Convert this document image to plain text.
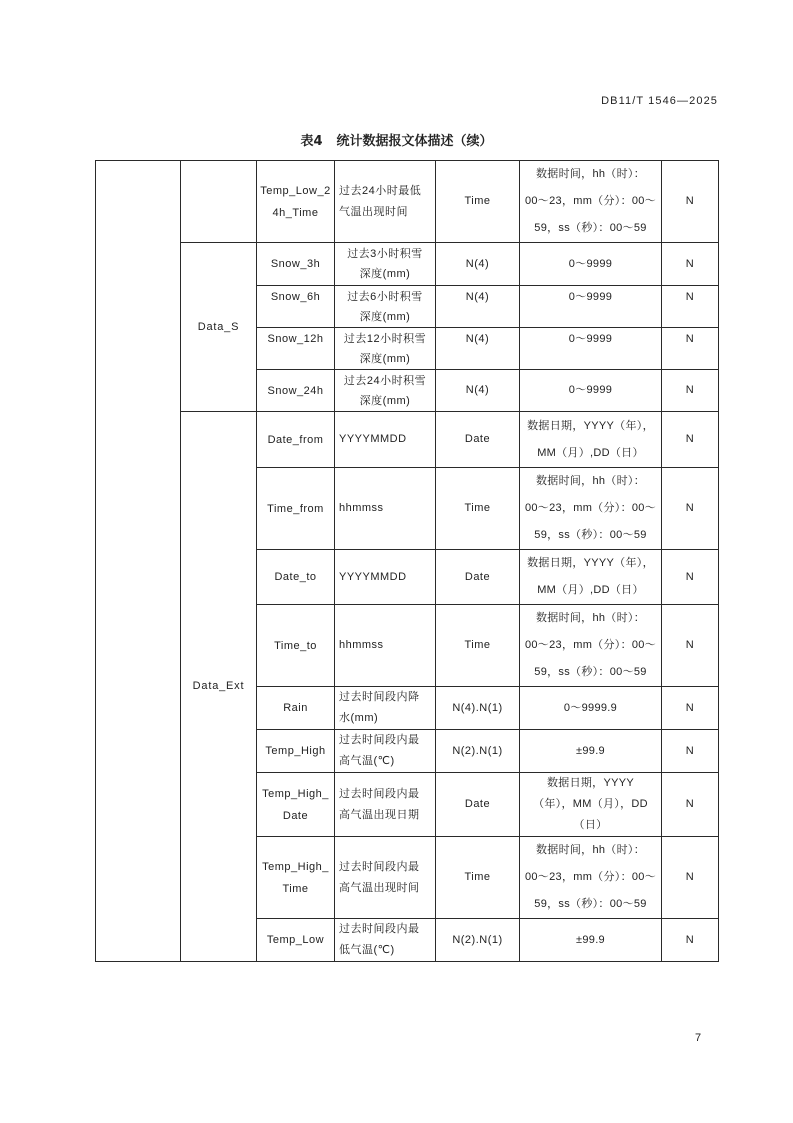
DB11/T 1546—2025
表4 统计数据报文体描述（续）
		Temp_Low_2
4h_Time	过去24小时最低
气温出现时间	Time	数据时间，hh（时）：
00～23，mm（分）：00～
59，ss（秒）：00～59	N
	Data_S	Snow_3h	过去3小时积雪
深度(mm)	N(4)	0～9999	N
		Snow_6h	过去6小时积雪
深度(mm)	N(4)	0～9999	N
		Snow_12h	过去12小时积雪
深度(mm)	N(4)	0～9999	N
		Snow_24h	过去24小时积雪
深度(mm)	N(4)	0～9999	N
	Data_Ext	Date_from	YYYYMMDD	Date	数据日期，YYYY（年），
MM（月）,DD（日）	N
		Time_from	hhmmss	Time	数据时间，hh（时）：
00～23，mm（分）：00～
59，ss（秒）：00～59	N
		Date_to	YYYYMMDD	Date	数据日期，YYYY（年），
MM（月）,DD（日）	N
		Time_to	hhmmss	Time	数据时间，hh（时）：
00～23，mm（分）：00～
59，ss（秒）：00～59	N
		Rain	过去时间段内降
水(mm)	N(4).N(1)	0～9999.9	N
		Temp_High	过去时间段内最
高气温(℃)	N(2).N(1)	±99.9	N
		Temp_High_
Date	过去时间段内最
高气温出现日期	Date	数据日期，YYYY
（年），MM（月），DD
（日）	N
		Temp_High_
Time	过去时间段内最
高气温出现时间	Time	数据时间，hh（时）：
00～23，mm（分）：00～
59，ss（秒）：00～59	N
		Temp_Low	过去时间段内最
低气温(℃)	N(2).N(1)	±99.9	N
7
